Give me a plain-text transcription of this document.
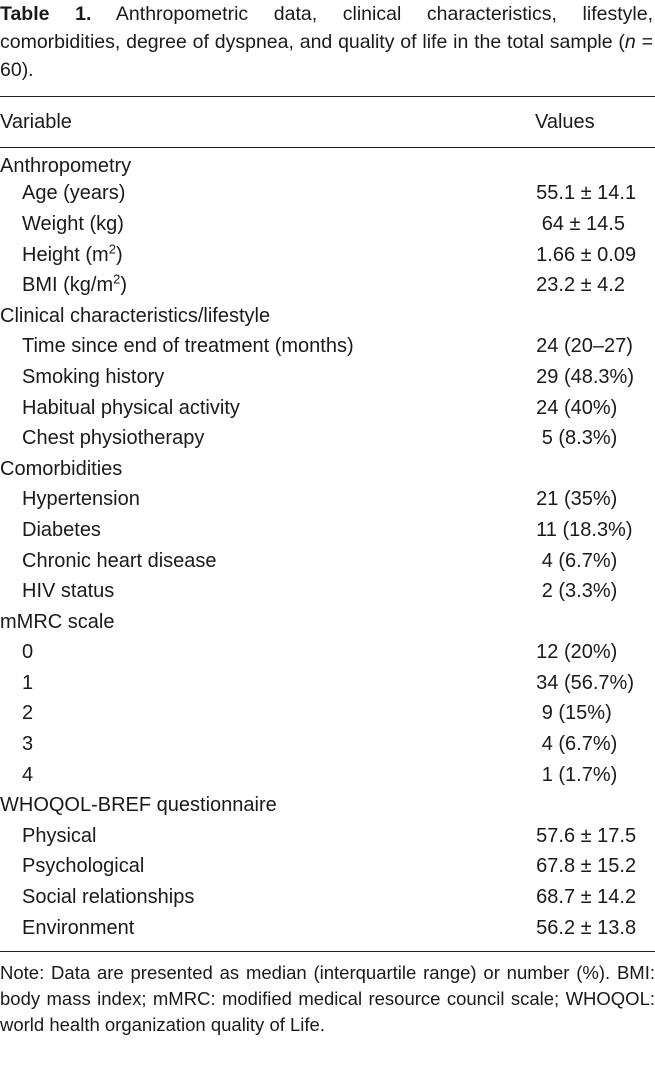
Table 1. Anthropometric data, clinical characteristics, lifestyle, comorbidities, degree of dyspnea, and quality of life in the total sample (n = 60).

Variable	Values
Anthropometry	
Age (years)	55.1 ± 14.1
Weight (kg)	64 ± 14.5
Height $(m^2)$	1.66 ± 0.09
BMI $(kg/m^2)$	23.2 ± 4.2
Clinical characteristics/lifestyle	
Time since end of treatment (months)	24 (20–27)
Smoking history	29 (48.3%)
Habitual physical activity	24 (40%)
Chest physiotherapy	5 (8.3%)
Comorbidities	
Hypertension	21 (35%)
Diabetes	11 (18.3%)
Chronic heart disease	4 (6.7%)
HIV status	2 (3.3%)
mMRC scale	
0	12 (20%)
1	34 (56.7%)
2	9 (15%)
3	4 (6.7%)
4	1 (1.7%)
WHOQOL-BREF questionnaire	
Physical	57.6 ± 17.5
Psychological	67.8 ± 15.2
Social relationships	68.7 ± 14.2
Environment	56.2 ± 13.8

Note: Data are presented as median (interquartile range) or number (%). BMI: body mass index; mMRC: modified medical resource council scale; WHOQOL: world health organization quality of Life.
